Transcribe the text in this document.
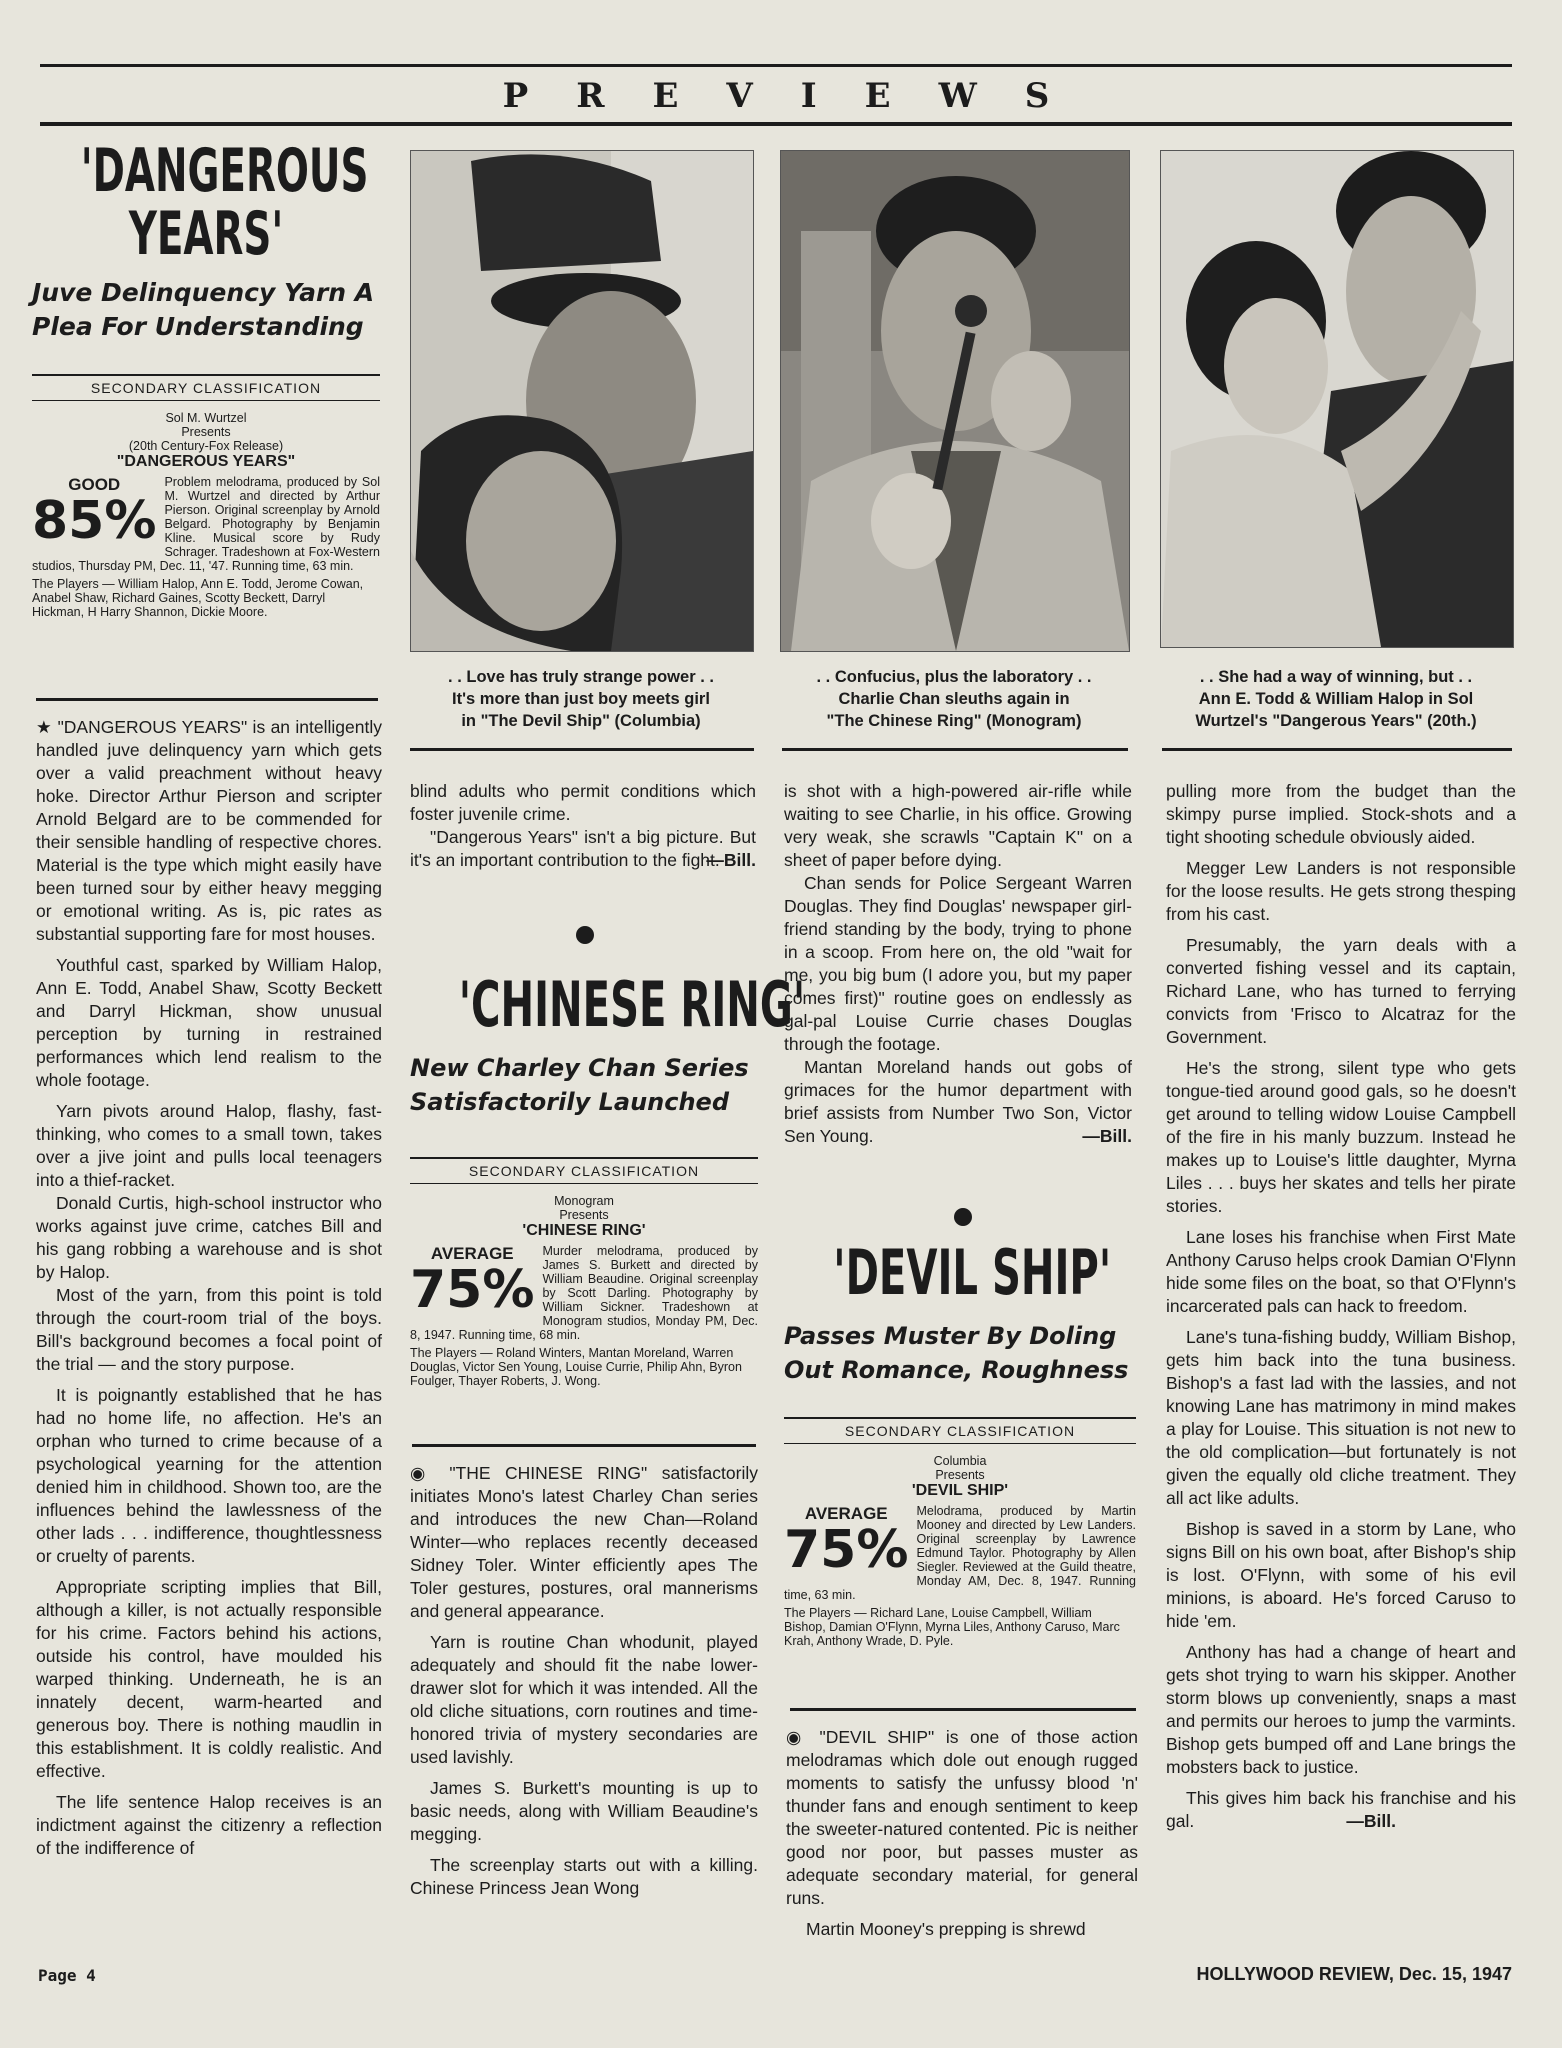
PREVIEWS
'DANGEROUS
YEARS'
Juve Delinquency Yarn A Plea For Understanding
SECONDARY CLASSIFICATION
Sol M. Wurtzel
Presents
(20th Century-Fox Release)
"DANGEROUS YEARS"
GOOD
85%
Problem melodrama, produced by Sol M. Wurtzel and directed by Arthur Pierson. Original screenplay by Arnold Belgard. Photography by Benjamin Kline. Musical score by Rudy Schrager. Tradeshown at Fox-Western studios, Thursday PM, Dec. 11, '47. Running time, 63 min.
The Players — William Halop, Ann E. Todd, Jerome Cowan, Anabel Shaw, Richard Gaines, Scotty Beckett, Darryl Hickman, H Harry Shannon, Dickie Moore.

★ "DANGEROUS YEARS" is an intelligently handled juve delinquency yarn which gets over a valid preachment without heavy hoke. Director Arthur Pierson and scripter Arnold Belgard are to be commended for their sensible handling of respective chores. Material is the type which might easily have been turned sour by either heavy megging or emotional writing. As is, pic rates as substantial supporting fare for most houses.

Youthful cast, sparked by William Halop, Ann E. Todd, Anabel Shaw, Scotty Beckett and Darryl Hickman, show unusual perception by turning in restrained performances which lend realism to the whole footage.

Yarn pivots around Halop, flashy, fast-thinking, who comes to a small town, takes over a jive joint and pulls local teenagers into a thief-racket.

Donald Curtis, high-school instructor who works against juve crime, catches Bill and his gang robbing a warehouse and is shot by Halop.

Most of the yarn, from this point is told through the court-room trial of the boys. Bill's background becomes a focal point of the trial — and the story purpose.

It is poignantly established that he has had no home life, no affection. He's an orphan who turned to crime because of a psychological yearning for the attention denied him in childhood. Shown too, are the influences behind the lawlessness of the other lads . . . indifference, thoughtlessness or cruelty of parents.

Appropriate scripting implies that Bill, although a killer, is not actually responsible for his crime. Factors behind his actions, outside his control, have moulded his warped thinking. Underneath, he is an innately decent, warm-hearted and generous boy. There is nothing maudlin in this establishment. It is coldly realistic. And effective.

The life sentence Halop receives is an indictment against the citizenry a reflection of the indifference of

. . Love has truly strange power . .
It's more than just boy meets girl
in "The Devil Ship" (Columbia)
. . Confucius, plus the laboratory . .
Charlie Chan sleuths again in
"The Chinese Ring" (Monogram)
. . She had a way of winning, but . .
Ann E. Todd & William Halop in Sol
Wurtzel's "Dangerous Years" (20th.)

blind adults who permit conditions which foster juvenile crime.

"Dangerous Years" isn't a big picture. But it's an important contribution to the fight.

—Bill.
'CHINESE RING'
New Charley Chan Series Satisfactorily Launched
SECONDARY CLASSIFICATION
Monogram
Presents
'CHINESE RING'
AVERAGE
75%
Murder melodrama, produced by James S. Burkett and directed by William Beaudine. Original screenplay by Scott Darling. Photography by William Sickner. Tradeshown at Monogram studios, Monday PM, Dec. 8, 1947. Running time, 68 min.
The Players — Roland Winters, Mantan Moreland, Warren Douglas, Victor Sen Young, Louise Currie, Philip Ahn, Byron Foulger, Thayer Roberts, J. Wong.

◉ "THE CHINESE RING" satisfactorily initiates Mono's latest Charley Chan series and introduces the new Chan—Roland Winter—who replaces recently deceased Sidney Toler. Winter efficiently apes The Toler gestures, postures, oral mannerisms and general appearance.

Yarn is routine Chan whodunit, played adequately and should fit the nabe lower-drawer slot for which it was intended. All the old cliche situations, corn routines and time-honored trivia of mystery secondaries are used lavishly.

James S. Burkett's mounting is up to basic needs, along with William Beaudine's megging.

The screenplay starts out with a killing. Chinese Princess Jean Wong

is shot with a high-powered air-rifle while waiting to see Charlie, in his office. Growing very weak, she scrawls "Captain K" on a sheet of paper before dying.

Chan sends for Police Sergeant Warren Douglas. They find Douglas' newspaper girl-friend standing by the body, trying to phone in a scoop. From here on, the old "wait for me, you big bum (I adore you, but my paper comes first)" routine goes on endlessly as gal-pal Louise Currie chases Douglas through the footage.

Mantan Moreland hands out gobs of grimaces for the humor department with brief assists from Number Two Son, Victor Sen Young.	—Bill.
'DEVIL SHIP'
Passes Muster By Doling Out Romance, Roughness
SECONDARY CLASSIFICATION
Columbia
Presents
'DEVIL SHIP'
AVERAGE
75%
Melodrama, produced by Martin Mooney and directed by Lew Landers. Original screenplay by Lawrence Edmund Taylor. Photography by Allen Siegler. Reviewed at the Guild theatre, Monday AM, Dec. 8, 1947. Running time, 63 min.
The Players — Richard Lane, Louise Campbell, William Bishop, Damian O'Flynn, Myrna Liles, Anthony Caruso, Marc Krah, Anthony Wrade, D. Pyle.

◉ "DEVIL SHIP" is one of those action melodramas which dole out enough rugged moments to satisfy the unfussy blood 'n' thunder fans and enough sentiment to keep the sweeter-natured contented. Pic is neither good nor poor, but passes muster as adequate secondary material, for general runs.

Martin Mooney's prepping is shrewd

pulling more from the budget than the skimpy purse implied. Stock-shots and a tight shooting schedule obviously aided.

Megger Lew Landers is not responsible for the loose results. He gets strong thesping from his cast.

Presumably, the yarn deals with a converted fishing vessel and its captain, Richard Lane, who has turned to ferrying convicts from 'Frisco to Alcatraz for the Government.

He's the strong, silent type who gets tongue-tied around good gals, so he doesn't get around to telling widow Louise Campbell of the fire in his manly buzzum. Instead he makes up to Louise's little daughter, Myrna Liles . . . buys her skates and tells her pirate stories.

Lane loses his franchise when First Mate Anthony Caruso helps crook Damian O'Flynn hide some files on the boat, so that O'Flynn's incarcerated pals can hack to freedom.

Lane's tuna-fishing buddy, William Bishop, gets him back into the tuna business. Bishop's a fast lad with the lassies, and not knowing Lane has matrimony in mind makes a play for Louise. This situation is not new to the old complication—but fortunately is not given the equally old cliche treatment. They all act like adults.

Bishop is saved in a storm by Lane, who signs Bill on his own boat, after Bishop's ship is lost. O'Flynn, with some of his evil minions, is aboard. He's forced Caruso to hide 'em.

Anthony has had a change of heart and gets shot trying to warn his skipper. Another storm blows up conveniently, snaps a mast and permits our heroes to jump the varmints. Bishop gets bumped off and Lane brings the mobsters back to justice.

This gives him back his franchise and his gal.	—Bill.
Page 4	HOLLYWOOD REVIEW, Dec. 15, 1947
